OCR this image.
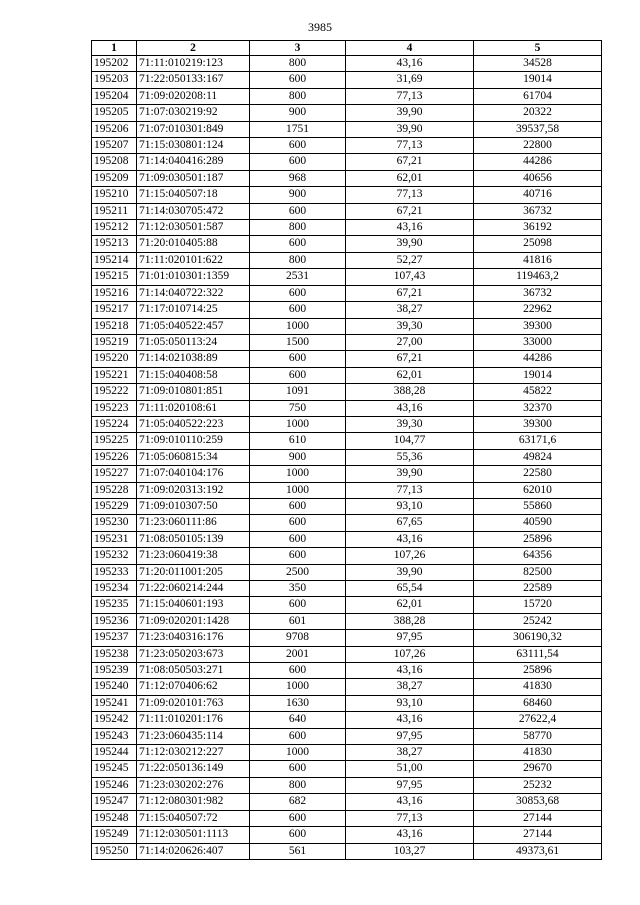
3985
1	2	3	4	5
195202	71:11:010219:123	800	43,16	34528
195203	71:22:050133:167	600	31,69	19014
195204	71:09:020208:11	800	77,13	61704
195205	71:07:030219:92	900	39,90	20322
195206	71:07:010301:849	1751	39,90	39537,58
195207	71:15:030801:124	600	77,13	22800
195208	71:14:040416:289	600	67,21	44286
195209	71:09:030501:187	968	62,01	40656
195210	71:15:040507:18	900	77,13	40716
195211	71:14:030705:472	600	67,21	36732
195212	71:12:030501:587	800	43,16	36192
195213	71:20:010405:88	600	39,90	25098
195214	71:11:020101:622	800	52,27	41816
195215	71:01:010301:1359	2531	107,43	119463,2
195216	71:14:040722:322	600	67,21	36732
195217	71:17:010714:25	600	38,27	22962
195218	71:05:040522:457	1000	39,30	39300
195219	71:05:050113:24	1500	27,00	33000
195220	71:14:021038:89	600	67,21	44286
195221	71:15:040408:58	600	62,01	19014
195222	71:09:010801:851	1091	388,28	45822
195223	71:11:020108:61	750	43,16	32370
195224	71:05:040522:223	1000	39,30	39300
195225	71:09:010110:259	610	104,77	63171,6
195226	71:05:060815:34	900	55,36	49824
195227	71:07:040104:176	1000	39,90	22580
195228	71:09:020313:192	1000	77,13	62010
195229	71:09:010307:50	600	93,10	55860
195230	71:23:060111:86	600	67,65	40590
195231	71:08:050105:139	600	43,16	25896
195232	71:23:060419:38	600	107,26	64356
195233	71:20:011001:205	2500	39,90	82500
195234	71:22:060214:244	350	65,54	22589
195235	71:15:040601:193	600	62,01	15720
195236	71:09:020201:1428	601	388,28	25242
195237	71:23:040316:176	9708	97,95	306190,32
195238	71:23:050203:673	2001	107,26	63111,54
195239	71:08:050503:271	600	43,16	25896
195240	71:12:070406:62	1000	38,27	41830
195241	71:09:020101:763	1630	93,10	68460
195242	71:11:010201:176	640	43,16	27622,4
195243	71:23:060435:114	600	97,95	58770
195244	71:12:030212:227	1000	38,27	41830
195245	71:22:050136:149	600	51,00	29670
195246	71:23:030202:276	800	97,95	25232
195247	71:12:080301:982	682	43,16	30853,68
195248	71:15:040507:72	600	77,13	27144
195249	71:12:030501:1113	600	43,16	27144
195250	71:14:020626:407	561	103,27	49373,61
